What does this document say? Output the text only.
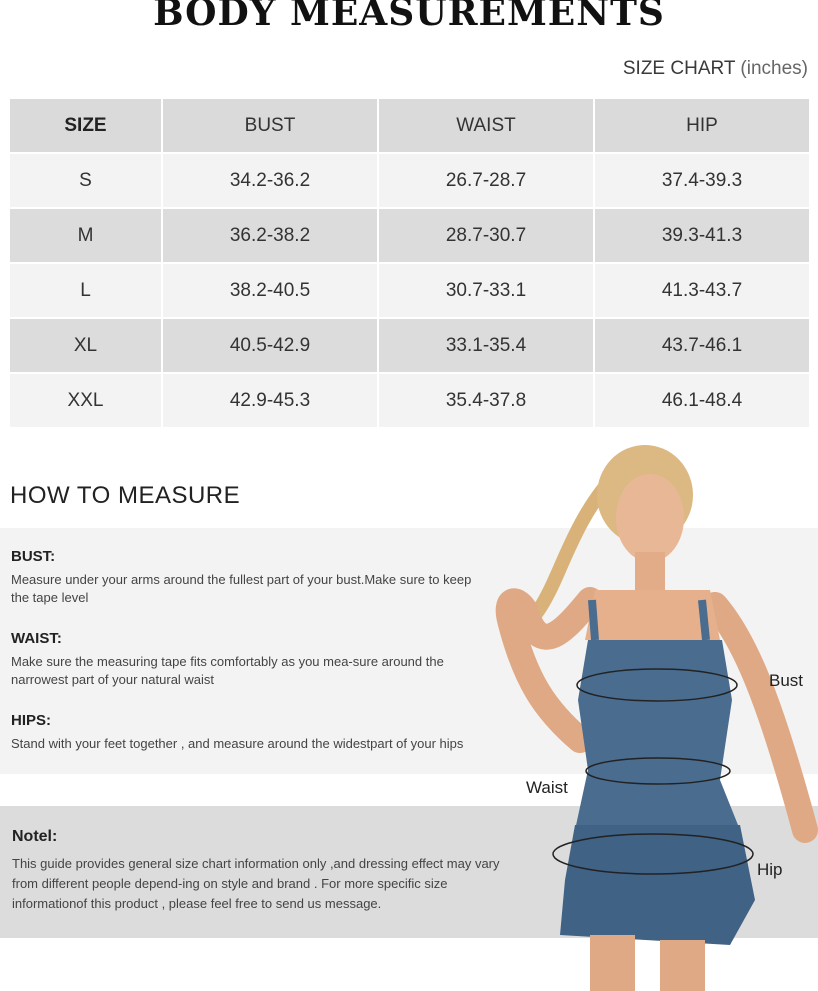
BODY MEASUREMENTS
SIZE CHART (inches)
SIZE	BUST	WAIST	HIP
S	34.2-36.2	26.7-28.7	37.4-39.3
M	36.2-38.2	28.7-30.7	39.3-41.3
L	38.2-40.5	30.7-33.1	41.3-43.7
XL	40.5-42.9	33.1-35.4	43.7-46.1
XXL	42.9-45.3	35.4-37.8	46.1-48.4
HOW TO MEASURE
BUST:
Measure under your arms around the fullest part of your bust.Make sure to keep the tape level
WAIST:
Make sure the measuring tape fits comfortably as you mea-sure around the narrowest part of your natural waist
HIPS:
Stand with your feet together , and measure around the widestpart of your hips
Notel:
This guide provides general size chart information only ,and dressing effect may vary from different people depend-ing on style and brand . For more specific size informationof this product , please feel free to send us message.
Bust
Waist
Hip
